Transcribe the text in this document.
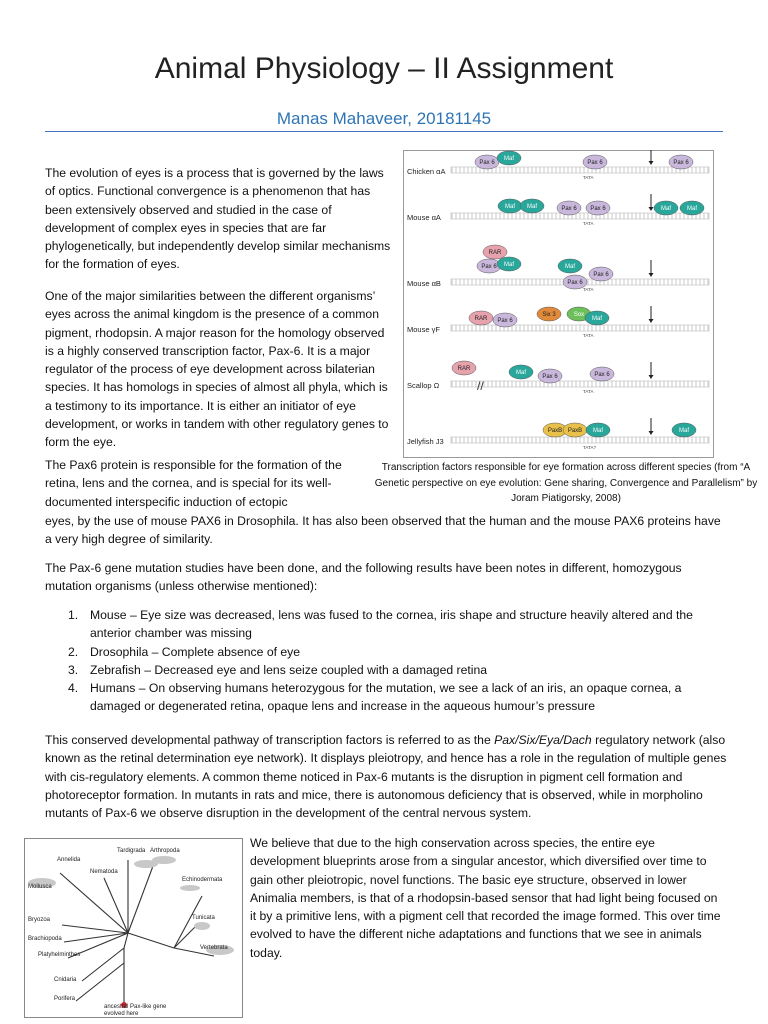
Animal Physiology – II Assignment
Manas Mahaveer, 20181145

The evolution of eyes is a process that is governed by the laws of optics. Functional convergence is a phenomenon that has been extensively observed and studied in the case of development of complex eyes in species that are far phylogenetically, but independently develop similar mechanisms for the formation of eyes.

One of the major similarities between the different organisms’ eyes across the animal kingdom is the presence of a common pigment, rhodopsin. A major reason for the homology observed is a highly conserved transcription factor, Pax-6. It is a major regulator of the process of eye development across bilaterian species. It has homologs in species of almost all phyla, which is a testimony to its importance. It is either an initiator of eye development, or works in tandem with other regulatory genes to form the eye.

The Pax6 protein is responsible for the formation of the retina, lens and the cornea, and is special for its well-documented interspecific induction of ectopic

eyes, by the use of mouse PAX6 in Drosophila. It has also been observed that the human and the mouse PAX6 proteins have a very high degree of similarity.

The Pax-6 gene mutation studies have been done, and the following results have been notes in different, homozygous mutation organisms (unless otherwise mentioned):

1. Mouse – Eye size was decreased, lens was fused to the cornea, iris shape and structure heavily altered and the anterior chamber was missing
2. Drosophila – Complete absence of eye
3. Zebrafish – Decreased eye and lens seize coupled with a damaged retina
4. Humans – On observing humans heterozygous for the mutation, we see a lack of an iris, an opaque cornea, a damaged or degenerated retina, opaque lens and increase in the aqueous humour’s pressure

This conserved developmental pathway of transcription factors is referred to as the Pax/Six/Eya/Dach regulatory network (also known as the retinal determination eye network). It displays pleiotropy, and hence has a role in the regulation of multiple genes with cis-regulatory elements. A common theme noticed in Pax-6 mutants is the disruption in pigment cell formation and photoreceptor formation. In mutants in rats and mice, there is autonomous deficiency that is observed, while in morpholino mutants of Pax-6 we observe disruption in the development of the central nervous system.

We believe that due to the high conservation across species, the entire eye development blueprints arose from a singular ancestor, which diversified over time to gain other pleiotropic, novel functions. The basic eye structure, observed in lower Animalia members, is that of a rhodopsin-based sensor that had light being focused on it by a primitive lens, with a pigment cell that recorded the image formed. This over time evolved to have the different niche adaptations and functions that we see in animals today.

Transcription factors responsible for eye formation across different species (from “A Genetic perspective on eye evolution: Gene sharing, Convergence and Parallelism” by Joram Piatigorsky, 2008)
Chicken αA
TATA
Pax 6
Maf
Pax 6	Pax 6
Mouse αA
TATA
Maf Maf	Pax 6 Pax 6	Maf	Maf
Mouse αB
TATA
RAR
Pax 6 Maf	Maf
Pax 6
Pax 6
Mouse γF
TATA
RAR Pax 6
Six 3	Sox
Maf
Scallop Ω
TATA
//
RAR
Maf
Pax 6	Pax 6
Jellyfish J3
TATA?
PaxB PaxB Maf	Maf
Annelida
Tardigrada Arthropoda
Nematoda
Mollusca
Echinodermata
Bryozoa	Tunicata
Brachiopoda
Vertebrata
Platyhelminthes
Cnidaria
Porifera
ancestral Pax-like gene
evolved here
